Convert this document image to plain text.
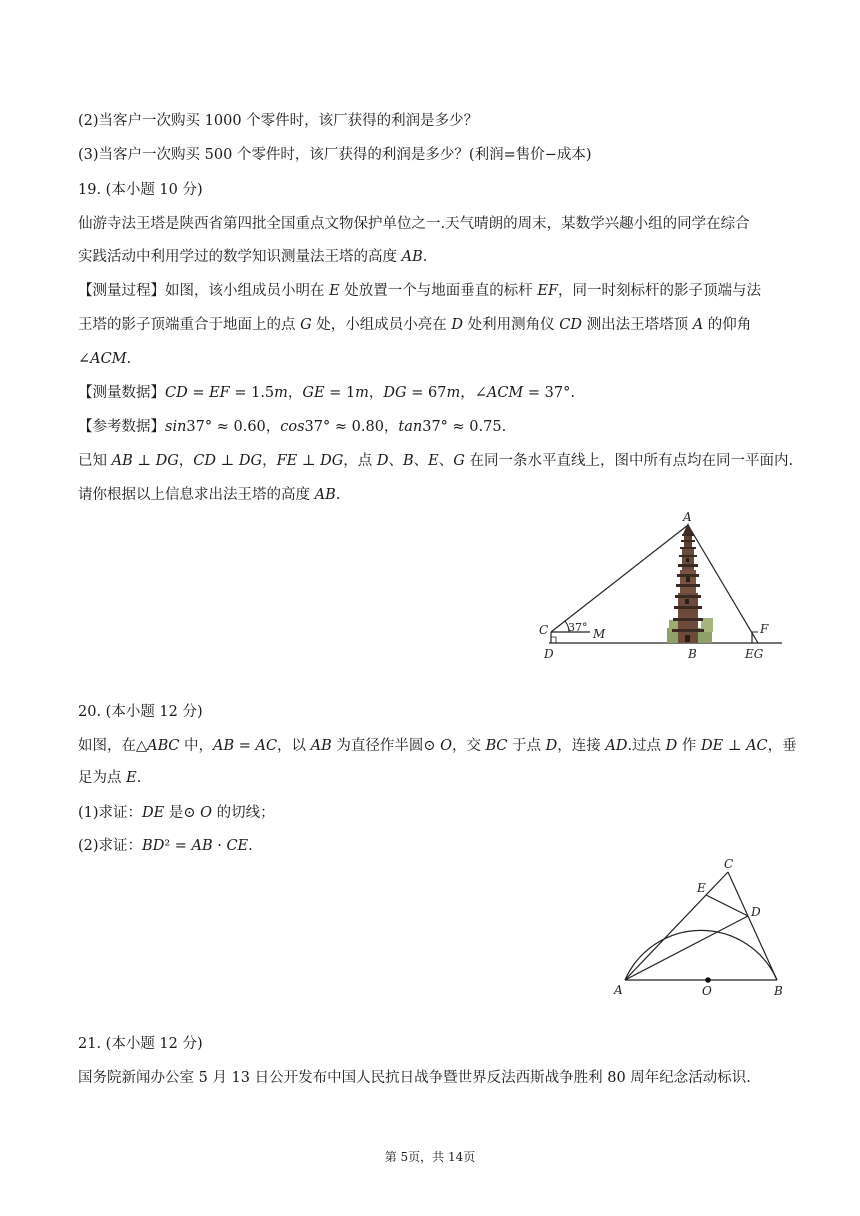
(2)当客户一次购买 1000 个零件时，该厂获得的利润是多少？
(3)当客户一次购买 500 个零件时，该厂获得的利润是多少？(利润=售价−成本)
19. (本小题 10 分)
仙游寺法王塔是陕西省第四批全国重点文物保护单位之一.天气晴朗的周末，某数学兴趣小组的同学在综合
实践活动中利用学过的数学知识测量法王塔的高度 𝐴𝐵.
【测量过程】如图，该小组成员小明在 𝐸 处放置一个与地面垂直的标杆 𝐸𝐹，同一时刻标杆的影子顶端与法
王塔的影子顶端重合于地面上的点 𝐺 处，小组成员小亮在 𝐷 处利用测角仪 𝐶𝐷 测出法王塔塔顶 𝐴 的仰角
∠𝐴𝐶𝑀.
【测量数据】𝐶𝐷 = 𝐸𝐹 = 1.5𝑚，𝐺𝐸 = 1𝑚，𝐷𝐺 = 67𝑚，∠𝐴𝐶𝑀 = 37°.
【参考数据】𝑠𝑖𝑛37° ≈ 0.60，𝑐𝑜𝑠37° ≈ 0.80，𝑡𝑎𝑛37° ≈ 0.75.
已知 𝐴𝐵 ⊥ 𝐷𝐺，𝐶𝐷 ⊥ 𝐷𝐺，𝐹𝐸 ⊥ 𝐷𝐺，点 𝐷、𝐵、𝐸、𝐺 在同一条水平直线上，图中所有点均在同一平面内.
请你根据以上信息求出法王塔的高度 𝐴𝐵.
A
C 37° M
D	B
F
EG
20. (本小题 12 分)
如图，在△𝐴𝐵𝐶 中，𝐴𝐵 = 𝐴𝐶，以 𝐴𝐵 为直径作半圆⊙ 𝑂，交 𝐵𝐶 于点 𝐷，连接 𝐴𝐷.过点 𝐷 作 𝐷𝐸 ⊥ 𝐴𝐶，垂
足为点 𝐸.
(1)求证：𝐷𝐸 是⊙ 𝑂 的切线；
(2)求证：𝐵𝐷² = 𝐴𝐵 · 𝐶𝐸.
A	O	B
C
D
E
21. (本小题 12 分)
国务院新闻办公室 5 月 13 日公开发布中国人民抗日战争暨世界反法西斯战争胜利 80 周年纪念活动标识.
第 5页，共 14页
